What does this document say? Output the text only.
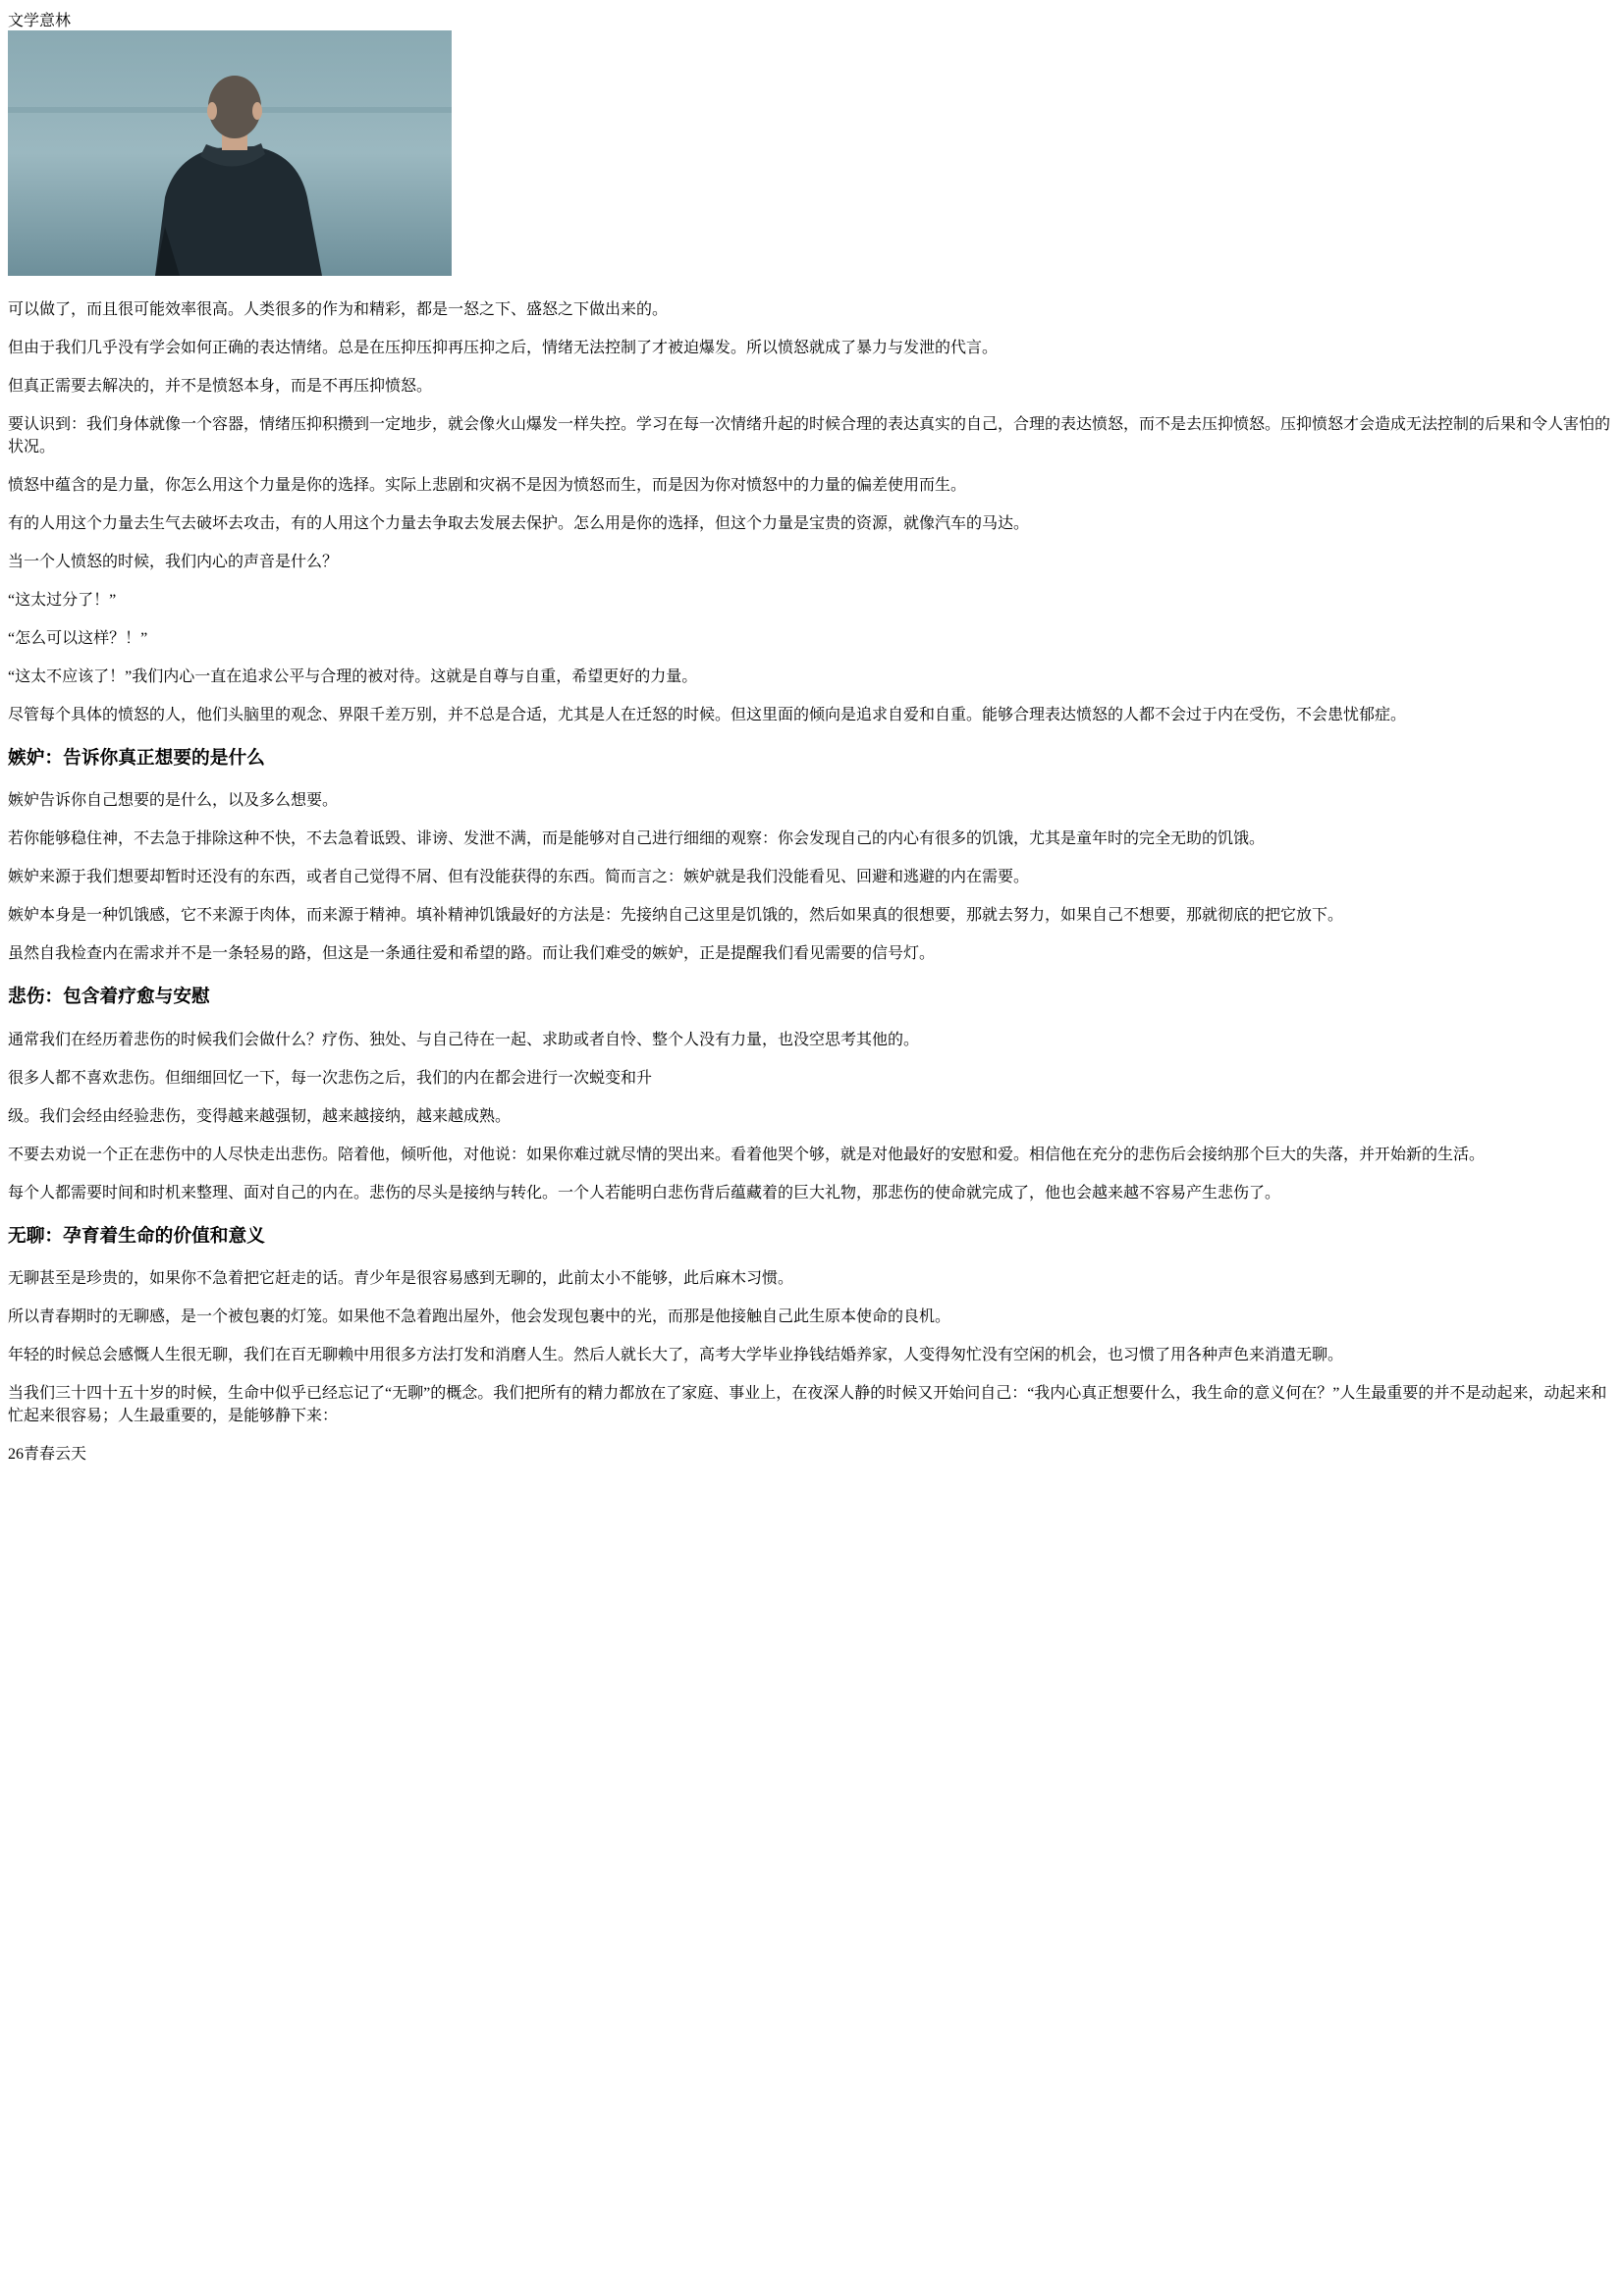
文学意林

可以做了，而且很可能效率很高。人类很多的作为和精彩，都是一怒之下、盛怒之下做出来的。

但由于我们几乎没有学会如何正确的表达情绪。总是在压抑压抑再压抑之后，情绪无法控制了才被迫爆发。所以愤怒就成了暴力与发泄的代言。

但真正需要去解决的，并不是愤怒本身，而是不再压抑愤怒。

要认识到：我们身体就像一个容器，情绪压抑积攒到一定地步，就会像火山爆发一样失控。学习在每一次情绪升起的时候合理的表达真实的自己，合理的表达愤怒，而不是去压抑愤怒。压抑愤怒才会造成无法控制的后果和令人害怕的状况。

愤怒中蕴含的是力量，你怎么用这个力量是你的选择。实际上悲剧和灾祸不是因为愤怒而生，而是因为你对愤怒中的力量的偏差使用而生。

有的人用这个力量去生气去破坏去攻击，有的人用这个力量去争取去发展去保护。怎么用是你的选择，但这个力量是宝贵的资源，就像汽车的马达。

当一个人愤怒的时候，我们内心的声音是什么？

“这太过分了！”

“怎么可以这样？！”

“这太不应该了！”我们内心一直在追求公平与合理的被对待。这就是自尊与自重，希望更好的力量。

尽管每个具体的愤怒的人，他们头脑里的观念、界限千差万别，并不总是合适，尤其是人在迁怒的时候。但这里面的倾向是追求自爱和自重。能够合理表达愤怒的人都不会过于内在受伤，不会患忧郁症。

嫉妒：告诉你真正想要的是什么

嫉妒告诉你自己想要的是什么，以及多么想要。

若你能够稳住神，不去急于排除这种不快，不去急着诋毁、诽谤、发泄不满，而是能够对自己进行细细的观察：你会发现自己的内心有很多的饥饿，尤其是童年时的完全无助的饥饿。

嫉妒来源于我们想要却暂时还没有的东西，或者自己觉得不屑、但有没能获得的东西。简而言之：嫉妒就是我们没能看见、回避和逃避的内在需要。

嫉妒本身是一种饥饿感，它不来源于肉体，而来源于精神。填补精神饥饿最好的方法是：先接纳自己这里是饥饿的，然后如果真的很想要，那就去努力，如果自己不想要，那就彻底的把它放下。

虽然自我检查内在需求并不是一条轻易的路，但这是一条通往爱和希望的路。而让我们难受的嫉妒，正是提醒我们看见需要的信号灯。

悲伤：包含着疗愈与安慰

通常我们在经历着悲伤的时候我们会做什么？疗伤、独处、与自己待在一起、求助或者自怜、整个人没有力量，也没空思考其他的。

很多人都不喜欢悲伤。但细细回忆一下，每一次悲伤之后，我们的内在都会进行一次蜕变和升

级。我们会经由经验悲伤，变得越来越强韧，越来越接纳，越来越成熟。

不要去劝说一个正在悲伤中的人尽快走出悲伤。陪着他，倾听他，对他说：如果你难过就尽情的哭出来。看着他哭个够，就是对他最好的安慰和爱。相信他在充分的悲伤后会接纳那个巨大的失落，并开始新的生活。

每个人都需要时间和时机来整理、面对自己的内在。悲伤的尽头是接纳与转化。一个人若能明白悲伤背后蕴藏着的巨大礼物，那悲伤的使命就完成了，他也会越来越不容易产生悲伤了。

无聊：孕育着生命的价值和意义

无聊甚至是珍贵的，如果你不急着把它赶走的话。青少年是很容易感到无聊的，此前太小不能够，此后麻木习惯。

所以青春期时的无聊感，是一个被包裹的灯笼。如果他不急着跑出屋外，他会发现包裹中的光，而那是他接触自己此生原本使命的良机。

年轻的时候总会感慨人生很无聊，我们在百无聊赖中用很多方法打发和消磨人生。然后人就长大了，高考大学毕业挣钱结婚养家，人变得匆忙没有空闲的机会，也习惯了用各种声色来消遣无聊。

当我们三十四十五十岁的时候，生命中似乎已经忘记了“无聊”的概念。我们把所有的精力都放在了家庭、事业上，在夜深人静的时候又开始问自己：“我内心真正想要什么，我生命的意义何在？”人生最重要的并不是动起来，动起来和忙起来很容易；人生最重要的，是能够静下来：

26青春云天
